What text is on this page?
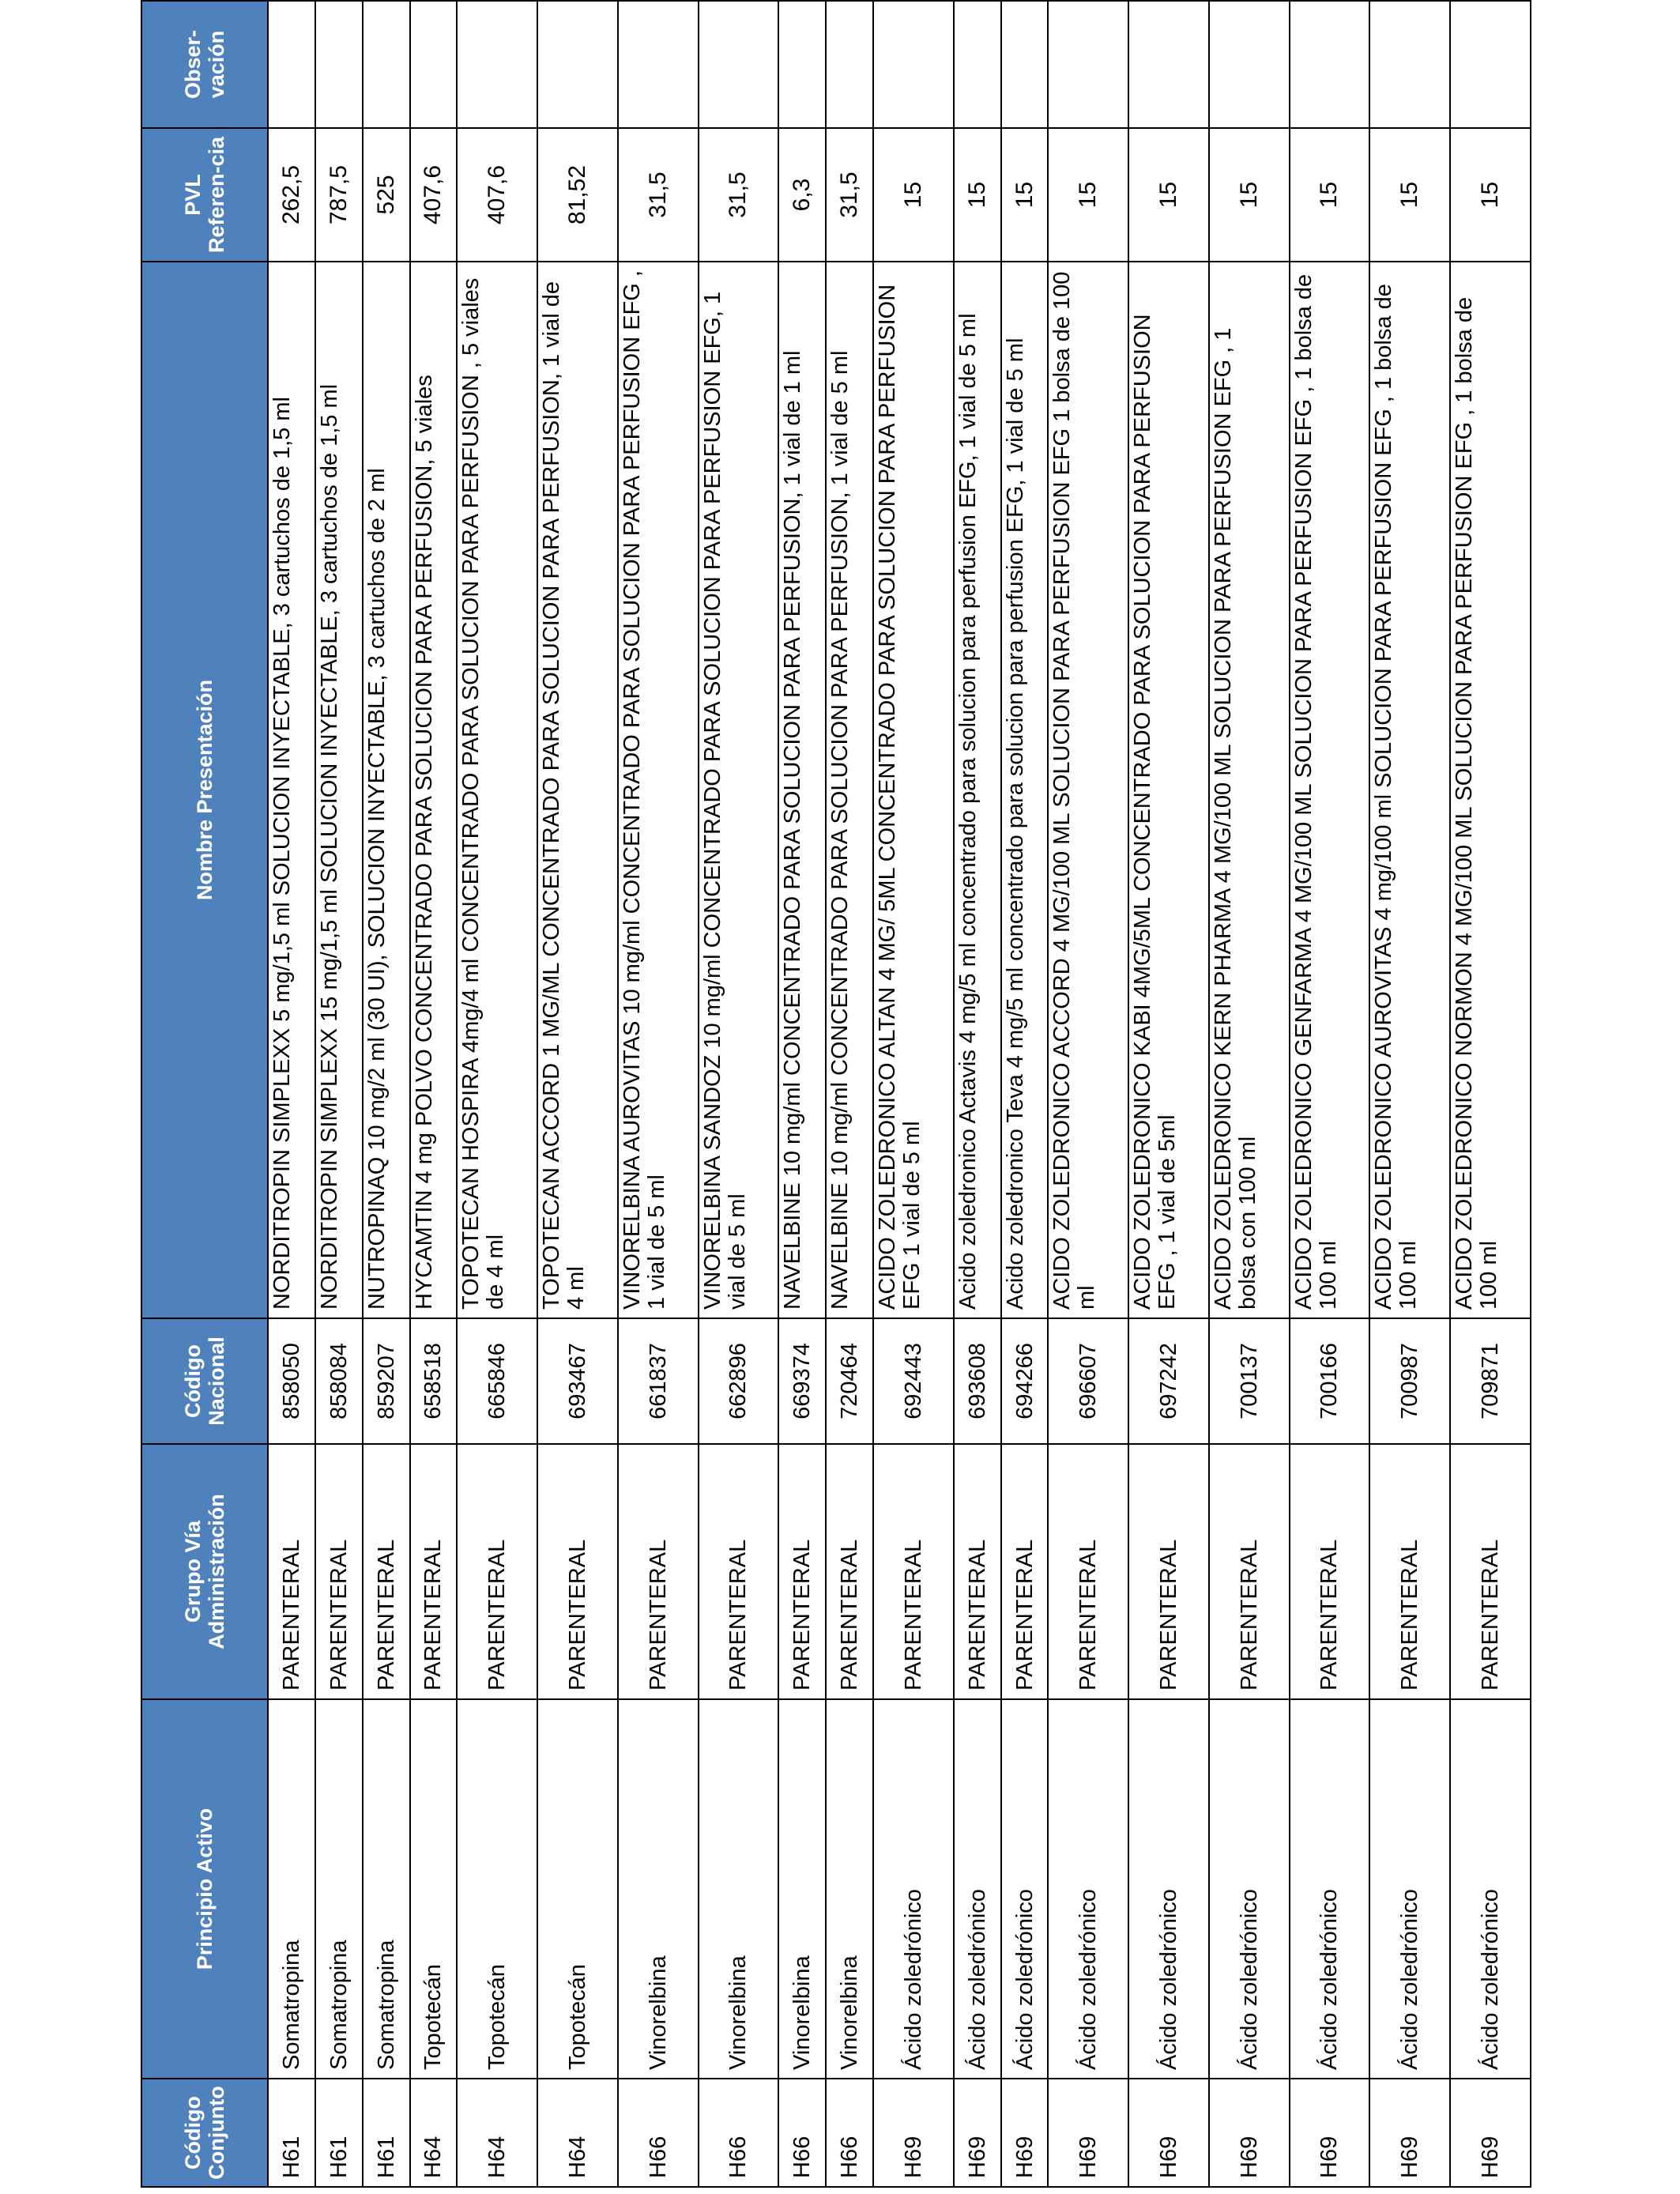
Código Conjunto	Principio Activo	Grupo Vía Administración	Código Nacional	Nombre Presentación	PVL Referen-cia	Obser-vación
H61	Somatropina	PARENTERAL	858050	NORDITROPIN SIMPLEXX 5 mg/1,5 ml SOLUCION INYECTABLE, 3 cartuchos de 1,5 ml	262,5	
H61	Somatropina	PARENTERAL	858084	NORDITROPIN SIMPLEXX 15 mg/1,5 ml SOLUCION INYECTABLE, 3 cartuchos de 1,5 ml	787,5	
H61	Somatropina	PARENTERAL	859207	NUTROPINAQ 10 mg/2 ml (30 UI), SOLUCION INYECTABLE, 3 cartuchos de 2 ml	525	
H64	Topotecán	PARENTERAL	658518	HYCAMTIN 4 mg POLVO CONCENTRADO PARA SOLUCION PARA PERFUSION, 5 viales	407,6	
H64	Topotecán	PARENTERAL	665846	TOPOTECAN HOSPIRA 4mg/4 ml CONCENTRADO PARA SOLUCION PARA PERFUSION , 5 viales de 4 ml	407,6	
H64	Topotecán	PARENTERAL	693467	TOPOTECAN ACCORD 1 MG/ML CONCENTRADO PARA SOLUCION PARA PERFUSION, 1 vial de 4 ml	81,52	
H66	Vinorelbina	PARENTERAL	661837	VINORELBINA AUROVITAS 10 mg/ml CONCENTRADO PARA SOLUCION PARA PERFUSION EFG , 1 vial de 5 ml	31,5	
H66	Vinorelbina	PARENTERAL	662896	VINORELBINA SANDOZ 10 mg/ml CONCENTRADO PARA SOLUCION PARA PERFUSION EFG, 1 vial de 5 ml	31,5	
H66	Vinorelbina	PARENTERAL	669374	NAVELBINE 10 mg/ml CONCENTRADO PARA SOLUCION PARA PERFUSION, 1 vial de 1 ml	6,3	
H66	Vinorelbina	PARENTERAL	720464	NAVELBINE 10 mg/ml CONCENTRADO PARA SOLUCION PARA PERFUSION, 1 vial de 5 ml	31,5	
H69	Ácido zoledrónico	PARENTERAL	692443	ACIDO ZOLEDRONICO ALTAN 4 MG/ 5ML CONCENTRADO PARA SOLUCION PARA PERFUSION EFG 1 vial de 5 ml	15	
H69	Ácido zoledrónico	PARENTERAL	693608	Acido zoledronico Actavis 4 mg/5 ml concentrado para solucion para perfusion EFG, 1 vial de 5 ml	15	
H69	Ácido zoledrónico	PARENTERAL	694266	Acido zoledronico Teva 4 mg/5 ml concentrado para solucion para perfusion EFG, 1 vial de 5 ml	15	
H69	Ácido zoledrónico	PARENTERAL	696607	ACIDO ZOLEDRONICO ACCORD 4 MG/100 ML SOLUCION PARA PERFUSION EFG 1 bolsa de 100 ml	15	
H69	Ácido zoledrónico	PARENTERAL	697242	ACIDO ZOLEDRONICO KABI 4MG/5ML CONCENTRADO PARA SOLUCION PARA PERFUSION EFG , 1 vial de 5ml	15	
H69	Ácido zoledrónico	PARENTERAL	700137	ACIDO ZOLEDRONICO KERN PHARMA 4 MG/100 ML SOLUCION PARA PERFUSION EFG , 1 bolsa con 100 ml	15	
H69	Ácido zoledrónico	PARENTERAL	700166	ACIDO ZOLEDRONICO GENFARMA 4 MG/100 ML SOLUCION PARA PERFUSION EFG , 1 bolsa de 100 ml	15	
H69	Ácido zoledrónico	PARENTERAL	700987	ACIDO ZOLEDRONICO AUROVITAS 4 mg/100 ml SOLUCION PARA PERFUSION EFG , 1 bolsa de 100 ml	15	
H69	Ácido zoledrónico	PARENTERAL	709871	ACIDO ZOLEDRONICO NORMON 4 MG/100 ML SOLUCION PARA PERFUSION EFG , 1 bolsa de 100 ml	15	
